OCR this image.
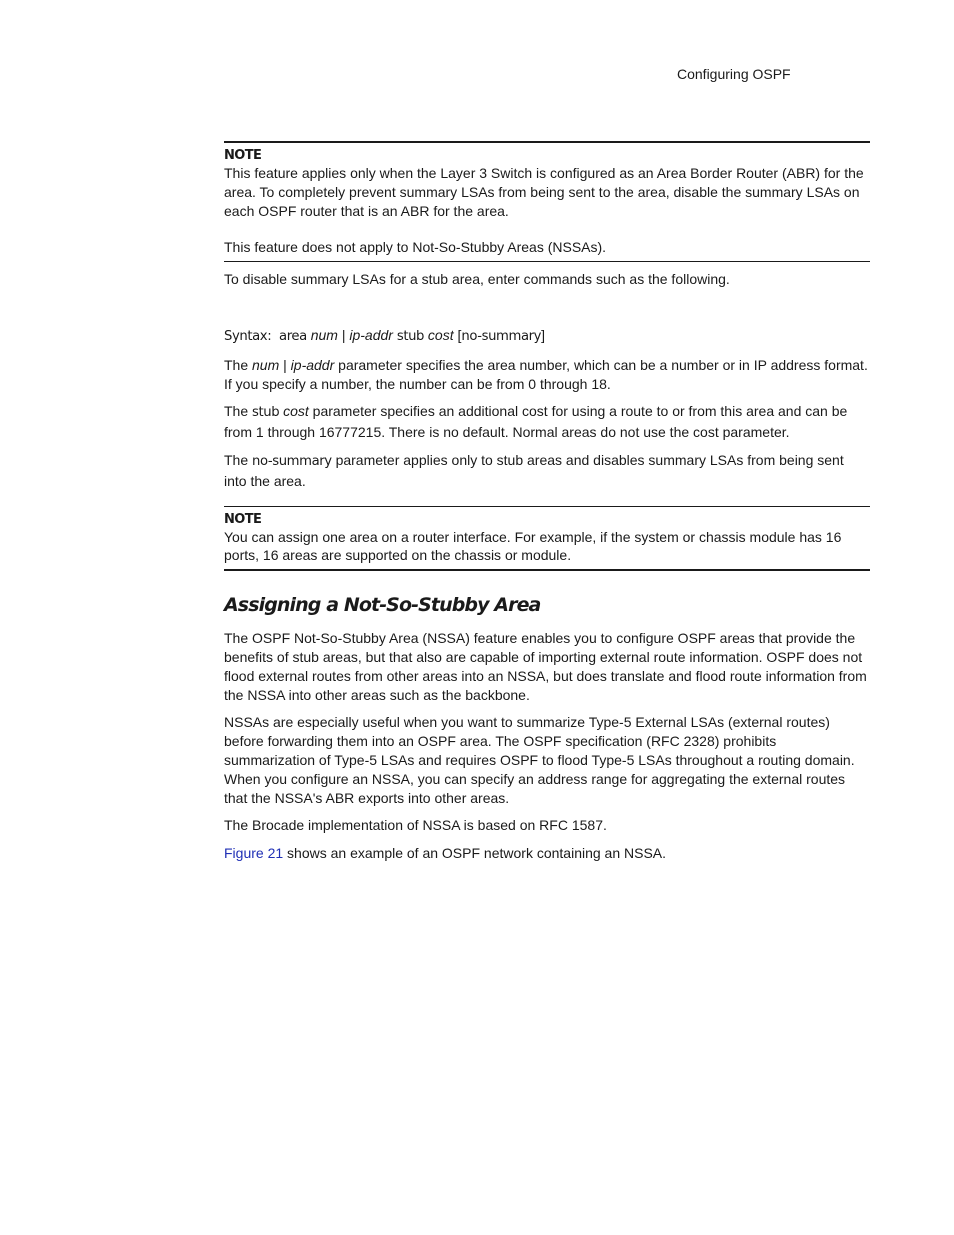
Configuring OSPF
NOTE

This feature applies only when the Layer 3 Switch is configured as an Area Border Router (ABR) for the area. To completely prevent summary LSAs from being sent to the area, disable the summary LSAs on each OSPF router that is an ABR for the area.

This feature does not apply to Not-So-Stubby Areas (NSSAs).

To disable summary LSAs for a stub area, enter commands such as the following.

Syntax: area num | ip-addr stub cost [no-summary]

The num | ip-addr parameter specifies the area number, which can be a number or in IP address format. If you specify a number, the number can be from 0 through 18.

The stub cost parameter specifies an additional cost for using a route to or from this area and can be from 1 through 16777215. There is no default. Normal areas do not use the cost parameter.

The no-summary parameter applies only to stub areas and disables summary LSAs from being sent into the area.

NOTE

You can assign one area on a router interface. For example, if the system or chassis module has 16 ports, 16 areas are supported on the chassis or module.

Assigning a Not-So-Stubby Area

The OSPF Not-So-Stubby Area (NSSA) feature enables you to configure OSPF areas that provide the benefits of stub areas, but that also are capable of importing external route information. OSPF does not flood external routes from other areas into an NSSA, but does translate and flood route information from the NSSA into other areas such as the backbone.

NSSAs are especially useful when you want to summarize Type-5 External LSAs (external routes) before forwarding them into an OSPF area. The OSPF specification (RFC 2328) prohibits summarization of Type-5 LSAs and requires OSPF to flood Type-5 LSAs throughout a routing domain. When you configure an NSSA, you can specify an address range for aggregating the external routes that the NSSA's ABR exports into other areas.

The Brocade implementation of NSSA is based on RFC 1587.

Figure 21 shows an example of an OSPF network containing an NSSA.
